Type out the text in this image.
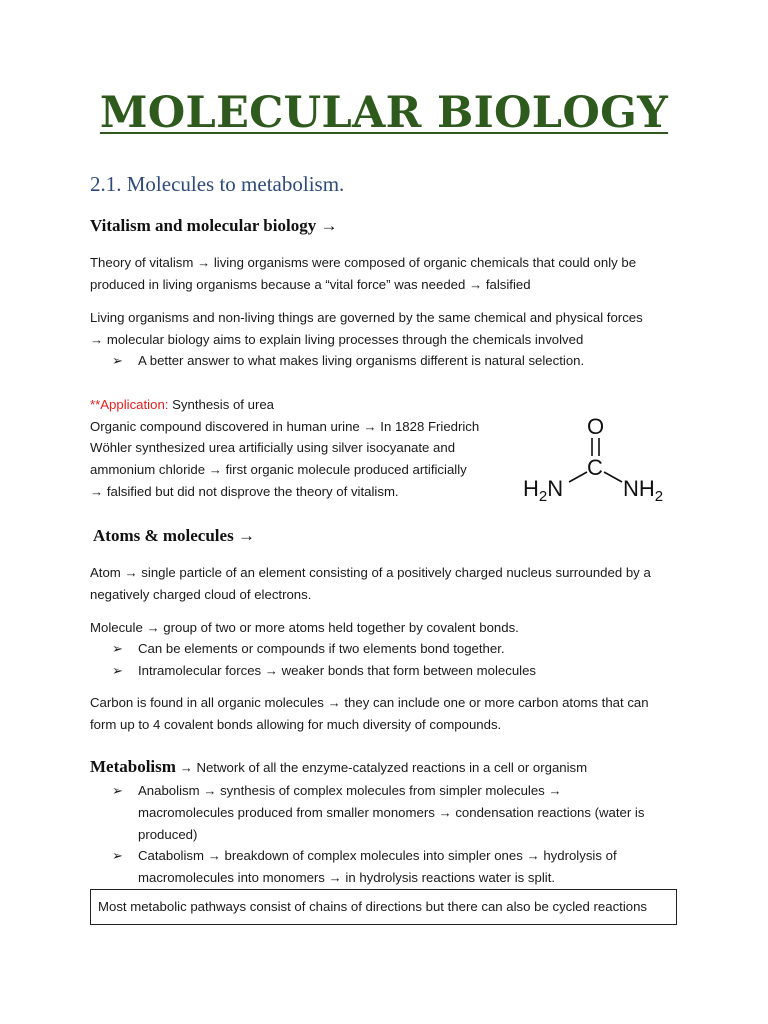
MOLECULAR BIOLOGY
2.1. Molecules to metabolism.
Vitalism and molecular biology →
Theory of vitalism → living organisms were composed of organic chemicals that could only be
produced in living organisms because a “vital force” was needed → falsified
Living organisms and non-living things are governed by the same chemical and physical forces
→ molecular biology aims to explain living processes through the chemicals involved
➢	A better answer to what makes living organisms different is natural selection.
**Application: Synthesis of urea
Organic compound discovered in human urine → In 1828 Friedrich
Wöhler synthesized urea artificially using silver isocyanate and
ammonium chloride → first organic molecule produced artificially
→ falsified but did not disprove the theory of vitalism.
O
C
$H_2N$	$NH_2$
Atoms & molecules →
Atom → single particle of an element consisting of a positively charged nucleus surrounded by a
negatively charged cloud of electrons.
Molecule → group of two or more atoms held together by covalent bonds.
➢	Can be elements or compounds if two elements bond together.
➢	Intramolecular forces → weaker bonds that form between molecules
Carbon is found in all organic molecules → they can include one or more carbon atoms that can
form up to 4 covalent bonds allowing for much diversity of compounds.
Metabolism → Network of all the enzyme-catalyzed reactions in a cell or organism
➢	Anabolism → synthesis of complex molecules from simpler molecules →
macromolecules produced from smaller monomers → condensation reactions (water is
produced)
➢	Catabolism → breakdown of complex molecules into simpler ones → hydrolysis of
macromolecules into monomers → in hydrolysis reactions water is split.
Most metabolic pathways consist of chains of directions but there can also be cycled reactions
